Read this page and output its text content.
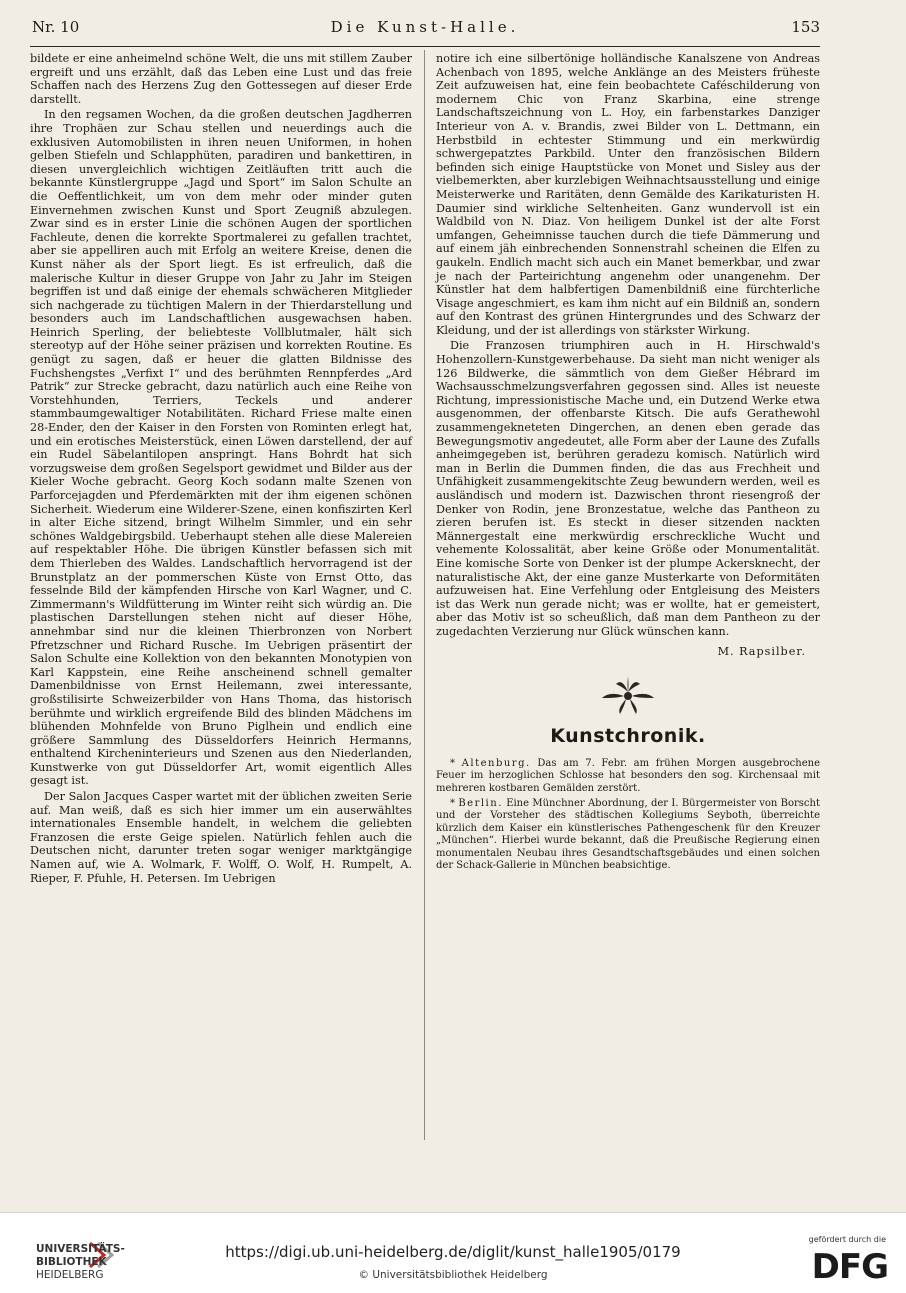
Nr. 10	Die Kunst-Halle.	153

bildete er eine anheimelnd schöne Welt, die uns mit stillem Zauber ergreift und uns erzählt, daß das Leben eine Lust und das freie Schaffen nach des Herzens Zug den Gottessegen auf dieser Erde darstellt.

In den regsamen Wochen, da die großen deutschen Jagdherren ihre Trophäen zur Schau stellen und neuerdings auch die exklusiven Automobilisten in ihren neuen Uniformen, in hohen gelben Stiefeln und Schlapphüten, paradiren und bankettiren, in diesen unvergleichlich wichtigen Zeitläuften tritt auch die bekannte Künstlergruppe „Jagd und Sport“ im Salon Schulte an die Oeffentlichkeit, um von dem mehr oder minder guten Einvernehmen zwischen Kunst und Sport Zeugniß abzulegen. Zwar sind es in erster Linie die schönen Augen der sportlichen Fachleute, denen die korrekte Sportmalerei zu gefallen trachtet, aber sie appelliren auch mit Erfolg an weitere Kreise, denen die Kunst näher als der Sport liegt. Es ist erfreulich, daß die malerische Kultur in dieser Gruppe von Jahr zu Jahr im Steigen begriffen ist und daß einige der ehemals schwächeren Mitglieder sich nachgerade zu tüchtigen Malern in der Thierdarstellung und besonders auch im Landschaftlichen ausgewachsen haben. Heinrich Sperling, der beliebteste Vollblutmaler, hält sich stereotyp auf der Höhe seiner präzisen und korrekten Routine. Es genügt zu sagen, daß er heuer die glatten Bildnisse des Fuchshengstes „Verfixt I“ und des berühmten Rennpferdes „Ard Patrik“ zur Strecke gebracht, dazu natürlich auch eine Reihe von Vorstehhunden, Terriers, Teckels und anderer stammbaumgewaltiger Notabilitäten. Richard Friese malte einen 28-Ender, den der Kaiser in den Forsten von Rominten erlegt hat, und ein erotisches Meisterstück, einen Löwen darstellend, der auf ein Rudel Säbelantilopen anspringt. Hans Bohrdt hat sich vorzugsweise dem großen Segelsport gewidmet und Bilder aus der Kieler Woche gebracht. Georg Koch sodann malte Szenen von Parforcejagden und Pferdemärkten mit der ihm eigenen schönen Sicherheit. Wiederum eine Wilderer-Szene, einen konfiszirten Kerl in alter Eiche sitzend, bringt Wilhelm Simmler, und ein sehr schönes Waldgebirgsbild. Ueberhaupt stehen alle diese Malereien auf respektabler Höhe. Die übrigen Künstler befassen sich mit dem Thierleben des Waldes. Landschaftlich hervorragend ist der Brunstplatz an der pommerschen Küste von Ernst Otto, das fesselnde Bild der kämpfenden Hirsche von Karl Wagner, und C. Zimmermann's Wildfütterung im Winter reiht sich würdig an. Die plastischen Darstellungen stehen nicht auf dieser Höhe, annehmbar sind nur die kleinen Thierbronzen von Norbert Pfretzschner und Richard Rusche. Im Uebrigen präsentirt der Salon Schulte eine Kollektion von den bekannten Monotypien von Karl Kappstein, eine Reihe anscheinend schnell gemalter Damenbildnisse von Ernst Heilemann, zwei interessante, großstilisirte Schweizerbilder von Hans Thoma, das historisch berühmte und wirklich ergreifende Bild des blinden Mädchens im blühenden Mohnfelde von Bruno Piglhein und endlich eine größere Sammlung des Düsseldorfers Heinrich Hermanns, enthaltend Kircheninterieurs und Szenen aus den Niederlanden, Kunstwerke von gut Düsseldorfer Art, womit eigentlich Alles gesagt ist.

Der Salon Jacques Casper wartet mit der üblichen zweiten Serie auf. Man weiß, daß es sich hier immer um ein auserwähltes internationales Ensemble handelt, in welchem die geliebten Franzosen die erste Geige spielen. Natürlich fehlen auch die Deutschen nicht, darunter treten sogar weniger marktgängige Namen auf, wie A. Wolmark, F. Wolff, O. Wolf, H. Rumpelt, A. Rieper, F. Pfuhle, H. Petersen. Im Uebrigen

notire ich eine silbertönige holländische Kanalszene von Andreas Achenbach von 1895, welche Anklänge an des Meisters früheste Zeit aufzuweisen hat, eine fein beobachtete Caféschilderung von modernem Chic von Franz Skarbina, eine strenge Landschaftszeichnung von L. Hoy, ein farbenstarkes Danziger Interieur von A. v. Brandis, zwei Bilder von L. Dettmann, ein Herbstbild in echtester Stimmung und ein merkwürdig schwergepatztes Parkbild. Unter den französischen Bildern befinden sich einige Hauptstücke von Monet und Sisley aus der vielbemerkten, aber kurzlebigen Weihnachtsausstellung und einige Meisterwerke und Raritäten, denn Gemälde des Karikaturisten H. Daumier sind wirkliche Seltenheiten. Ganz wundervoll ist ein Waldbild von N. Diaz. Von heiligem Dunkel ist der alte Forst umfangen, Geheimnisse tauchen durch die tiefe Dämmerung und auf einem jäh einbrechenden Sonnenstrahl scheinen die Elfen zu gaukeln. Endlich macht sich auch ein Manet bemerkbar, und zwar je nach der Parteirichtung angenehm oder unangenehm. Der Künstler hat dem halbfertigen Damenbildniß eine fürchterliche Visage angeschmiert, es kam ihm nicht auf ein Bildniß an, sondern auf den Kontrast des grünen Hintergrundes und des Schwarz der Kleidung, und der ist allerdings von stärkster Wirkung.

Die Franzosen triumphiren auch in H. Hirschwald's Hohenzollern-Kunstgewerbehause. Da sieht man nicht weniger als 126 Bildwerke, die sämmtlich von dem Gießer Hébrard im Wachsausschmelzungsverfahren gegossen sind. Alles ist neueste Richtung, impressionistische Mache und, ein Dutzend Werke etwa ausgenommen, der offenbarste Kitsch. Die aufs Gerathewohl zusammengekneteten Dingerchen, an denen eben gerade das Bewegungsmotiv angedeutet, alle Form aber der Laune des Zufalls anheimgegeben ist, berühren geradezu komisch. Natürlich wird man in Berlin die Dummen finden, die das aus Frechheit und Unfähigkeit zusammengekitschte Zeug bewundern werden, weil es ausländisch und modern ist. Dazwischen thront riesengroß der Denker von Rodin, jene Bronzestatue, welche das Pantheon zu zieren berufen ist. Es steckt in dieser sitzenden nackten Männergestalt eine merkwürdig erschreckliche Wucht und vehemente Kolossalität, aber keine Größe oder Monumentalität. Eine komische Sorte von Denker ist der plumpe Ackersknecht, der naturalistische Akt, der eine ganze Musterkarte von Deformitäten aufzuweisen hat. Eine Verfehlung oder Entgleisung des Meisters ist das Werk nun gerade nicht; was er wollte, hat er gemeistert, aber das Motiv ist so scheußlich, daß man dem Pantheon zu der zugedachten Verzierung nur Glück wünschen kann.

M. Rapsilber.
Kunstchronik.

* Altenburg. Das am 7. Febr. am frühen Morgen ausgebrochene Feuer im herzoglichen Schlosse hat besonders den sog. Kirchensaal mit mehreren kostbaren Gemälden zerstört.

* Berlin. Eine Münchner Abordnung, der I. Bürgermeister von Borscht und der Vorsteher des städtischen Kollegiums Seyboth, überreichte kürzlich dem Kaiser ein künstlerisches Pathengeschenk für den Kreuzer „München“. Hierbei wurde bekannt, daß die Preußische Regierung einen monumentalen Neubau ihres Gesandtschaftsgebäudes und einen solchen der Schack-Gallerie in München beabsichtige.

UNIVERSITÄTS-
BIBLIOTHEK
HEIDELBERG
https://digi.ub.uni-heidelberg.de/diglit/kunst_halle1905/0179
© Universitätsbibliothek Heidelberg
gefördert durch die
DFG
